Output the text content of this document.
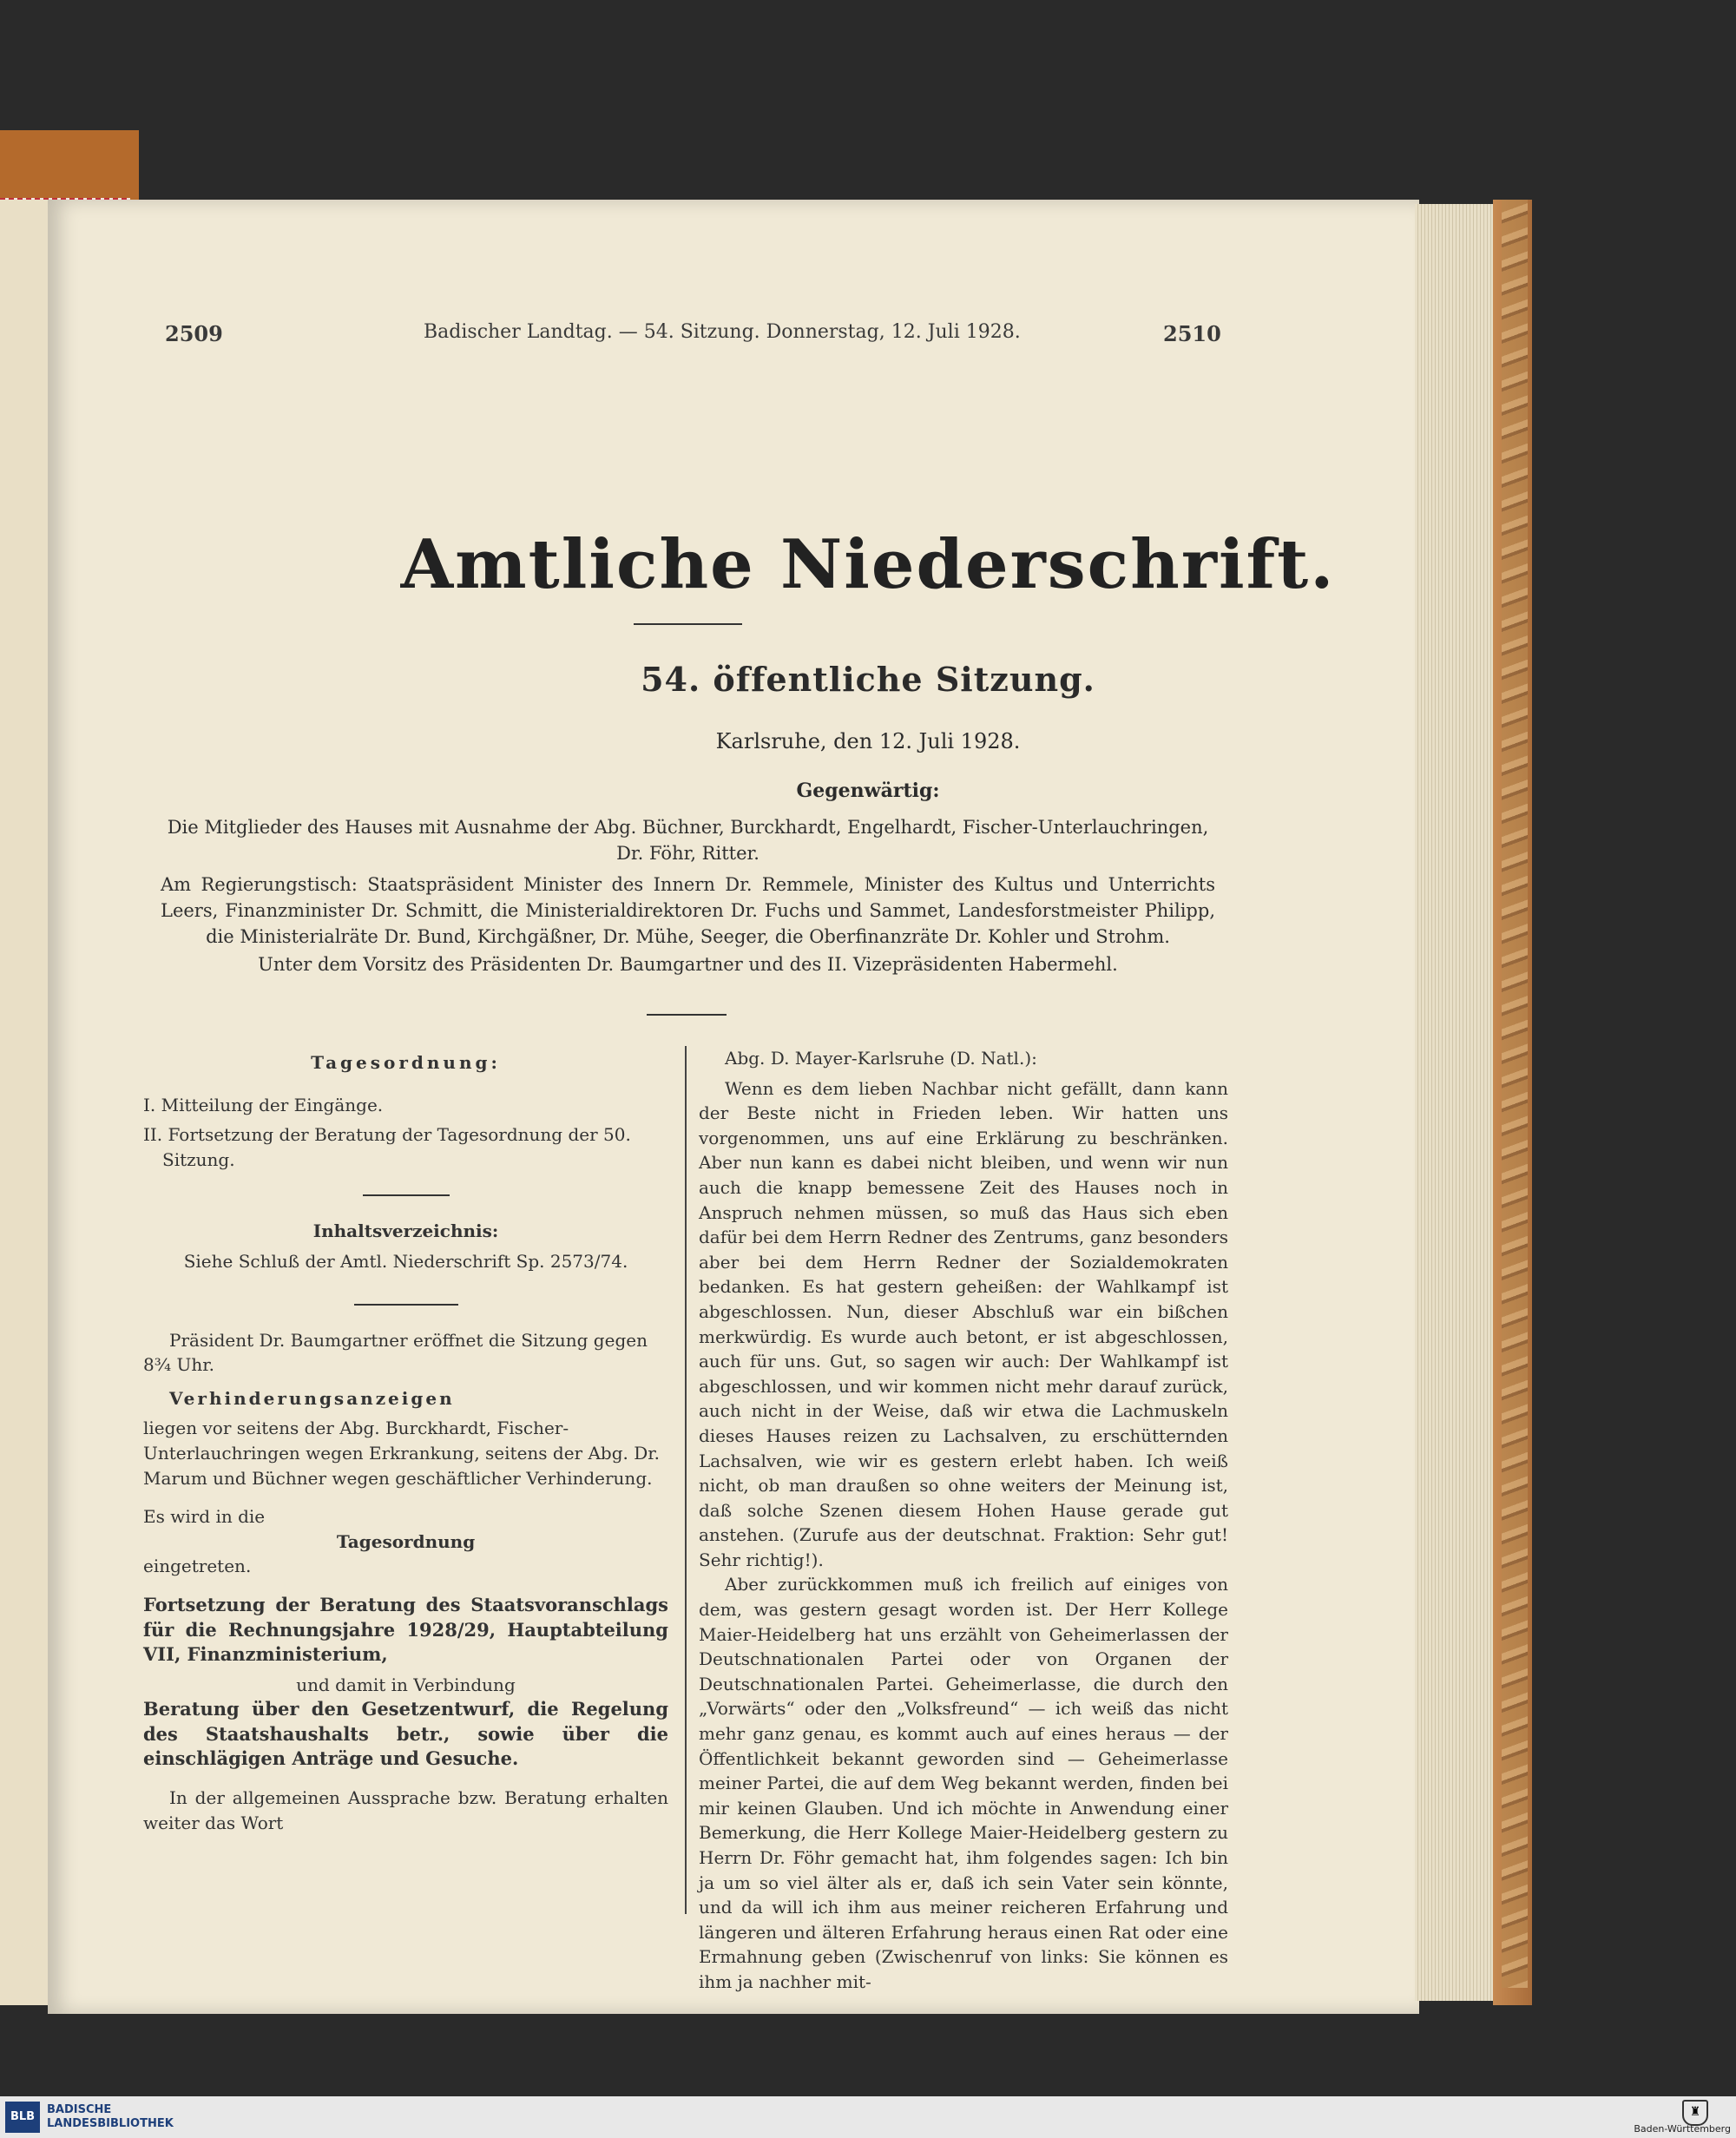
2509	Badischer Landtag. — 54. Sitzung. Donnerstag, 12. Juli 1928.	2510
Amtliche Niederschrift.
54. öffentliche Sitzung.
Karlsruhe, den 12. Juli 1928.
Gegenwärtig:
Die Mitglieder des Hauses mit Ausnahme der Abg. Büchner, Burckhardt, Engelhardt, Fischer-Unterlauchringen, Dr. Föhr, Ritter.
Am Regierungstisch: Staatspräsident Minister des Innern Dr. Remmele, Minister des Kultus und Unterrichts Leers, Finanzminister Dr. Schmitt, die Ministerialdirektoren Dr. Fuchs und Sammet, Landesforstmeister Philipp, die Ministerialräte Dr. Bund, Kirchgäßner, Dr. Mühe, Seeger, die Oberfinanzräte Dr. Kohler und Strohm.
Unter dem Vorsitz des Präsidenten Dr. Baumgartner und des II. Vizepräsidenten Habermehl.

Tagesordnung:

I. Mitteilung der Eingänge.

II. Fortsetzung der Beratung der Tagesordnung der 50. Sitzung.

Inhaltsverzeichnis:

Siehe Schluß der Amtl. Niederschrift Sp. 2573/74.

Präsident Dr. Baumgartner eröffnet die Sitzung gegen 8¾ Uhr.

Verhinderungsanzeigen

liegen vor seitens der Abg. Burckhardt, Fischer-Unterlauchringen wegen Erkrankung, seitens der Abg. Dr. Marum und Büchner wegen geschäftlicher Verhinderung.

Es wird in die

Tagesordnung

eingetreten.

Fortsetzung der Beratung des Staatsvoranschlags für die Rechnungsjahre 1928/29, Hauptabteilung VII, Finanzministerium,

und damit in Verbindung

Beratung über den Gesetzentwurf, die Regelung des Staatshaushalts betr., sowie über die einschlägigen Anträge und Gesuche.

In der allgemeinen Aussprache bzw. Beratung erhalten weiter das Wort

Abg. D. Mayer-Karlsruhe (D. Natl.):

Wenn es dem lieben Nachbar nicht gefällt, dann kann der Beste nicht in Frieden leben. Wir hatten uns vorgenommen, uns auf eine Erklärung zu beschränken. Aber nun kann es dabei nicht bleiben, und wenn wir nun auch die knapp bemessene Zeit des Hauses noch in Anspruch nehmen müssen, so muß das Haus sich eben dafür bei dem Herrn Redner des Zentrums, ganz besonders aber bei dem Herrn Redner der Sozialdemokraten bedanken. Es hat gestern geheißen: der Wahlkampf ist abgeschlossen. Nun, dieser Abschluß war ein bißchen merkwürdig. Es wurde auch betont, er ist abgeschlossen, auch für uns. Gut, so sagen wir auch: Der Wahlkampf ist abgeschlossen, und wir kommen nicht mehr darauf zurück, auch nicht in der Weise, daß wir etwa die Lachmuskeln dieses Hauses reizen zu Lachsalven, zu erschütternden Lachsalven, wie wir es gestern erlebt haben. Ich weiß nicht, ob man draußen so ohne weiters der Meinung ist, daß solche Szenen diesem Hohen Hause gerade gut anstehen. (Zurufe aus der deutschnat. Fraktion: Sehr gut! Sehr richtig!).

Aber zurückkommen muß ich freilich auf einiges von dem, was gestern gesagt worden ist. Der Herr Kollege Maier-Heidelberg hat uns erzählt von Geheimerlassen der Deutschnationalen Partei oder von Organen der Deutschnationalen Partei. Geheimerlasse, die durch den „Vorwärts“ oder den „Volksfreund“ — ich weiß das nicht mehr ganz genau, es kommt auch auf eines heraus — der Öffentlichkeit bekannt geworden sind — Geheimerlasse meiner Partei, die auf dem Weg bekannt werden, finden bei mir keinen Glauben. Und ich möchte in Anwendung einer Bemerkung, die Herr Kollege Maier-Heidelberg gestern zu Herrn Dr. Föhr gemacht hat, ihm folgendes sagen: Ich bin ja um so viel älter als er, daß ich sein Vater sein könnte, und da will ich ihm aus meiner reicheren Erfahrung und längeren und älteren Erfahrung heraus einen Rat oder eine Ermahnung geben (Zwischenruf von links: Sie können es ihm ja nachher mit-

BLB
BADISCHE
LANDESBIBLIOTHEK
♜
Baden-Württemberg
